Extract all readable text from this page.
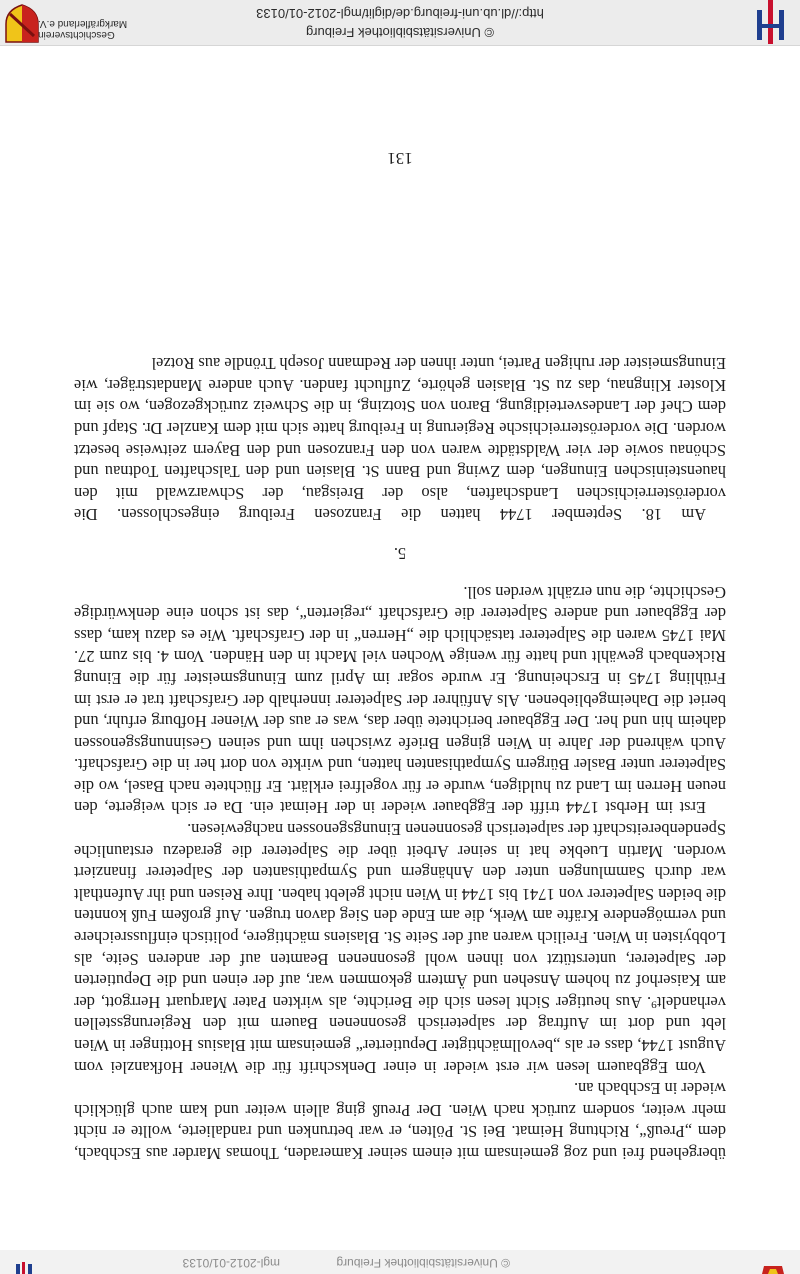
© Universitätsbibliothek Freiburg
mgl-2012-01/0133

übergehend frei und zog gemeinsam mit einem seiner Kameraden, Thomas Marder aus Eschbach, dem „Preuß“, Richtung Heimat. Bei St. Pölten, er war betrunken und randalierte, wollte er nicht mehr weiter, sondern zurück nach Wien. Der Preuß ging allein weiter und kam auch glücklich wieder in Eschbach an.

Vom Eggbauern lesen wir erst wieder in einer Denkschrift für die Wiener Hofkanzlei vom August 1744, dass er als „bevollmächtigter Deputierter“ gemeinsam mit Blasius Hottinger in Wien lebt und dort im Auftrag der salpeterisch gesonnenen Bauern mit den Regierungsstellen verhandelt⁹. Aus heutiger Sicht lesen sich die Berichte, als wirkten Pater Marquart Herrgott, der am Kaiserhof zu hohem Ansehen und Ämtern gekommen war, auf der einen und die Deputierten der Salpeterer, unterstützt von ihnen wohl gesonnenen Beamten auf der anderen Seite, als Lobbyisten in Wien. Freilich waren auf der Seite St. Blasiens mächtigere, politisch einflussreichere und vermögendere Kräfte am Werk, die am Ende den Sieg davon trugen. Auf großem Fuß konnten die beiden Salpeterer von 1741 bis 1744 in Wien nicht gelebt haben. Ihre Reisen und ihr Aufenthalt war durch Sammlungen unter den Anhängern und Sympathisanten der Salpeterer finanziert worden. Martin Luebke hat in seiner Arbeit über die Salpeterer die geradezu erstaunliche Spendenbereitschaft der salpeterisch gesonnenen Einungsgenossen nachgewiesen.

Erst im Herbst 1744 trifft der Eggbauer wieder in der Heimat ein. Da er sich weigerte, den neuen Herren im Land zu huldigen, wurde er für vogelfrei erklärt. Er flüchtete nach Basel, wo die Salpeterer unter Basler Bürgern Sympathisanten hatten, und wirkte von dort her in die Grafschaft. Auch während der Jahre in Wien gingen Briefe zwischen ihm und seinen Gesinnungsgenossen daheim hin und her. Der Eggbauer berichtete über das, was er aus der Wiener Hofburg erfuhr, und beriet die Daheimgebliebenen. Als Anführer der Salpeterer innerhalb der Grafschaft trat er erst im Frühling 1745 in Erscheinung. Er wurde sogar im April zum Einungsmeister für die Einung Rickenbach gewählt und hatte für wenige Wochen viel Macht in den Händen. Vom 4. bis zum 27. Mai 1745 waren die Salpeterer tatsächlich die „Herren“ in der Grafschaft. Wie es dazu kam, dass der Eggbauer und andere Salpeterer die Grafschaft „regierten“, das ist schon eine denkwürdige Geschichte, die nun erzählt werden soll.

5.

Am 18. September 1744 hatten die Franzosen Freiburg eingeschlossen. Die vorderösterreichischen Landschaften, also der Breisgau, der Schwarzwald mit den hauensteinischen Einungen, dem Zwing und Bann St. Blasien und den Talschaften Todtnau und Schönau sowie der vier Waldstädte waren von den Franzosen und den Bayern zeitweise besetzt worden. Die vorderösterreichische Regierung in Freiburg hatte sich mit dem Kanzler Dr. Stapf und dem Chef der Landesverteidigung, Baron von Stotzing, in die Schweiz zurückgezogen, wo sie im Kloster Klingnau, das zu St. Blasien gehörte, Zuflucht fanden. Auch andere Mandatsträger, wie Einungsmeister der ruhigen Partei, unter ihnen der Redmann Joseph Tröndle aus Rotzel

131
© Universitätsbibliothek Freiburg
http://dl.ub.uni-freiburg.de/diglit/mgl-2012-01/0133
Geschichtsverein
Markgräflerland e.V.
